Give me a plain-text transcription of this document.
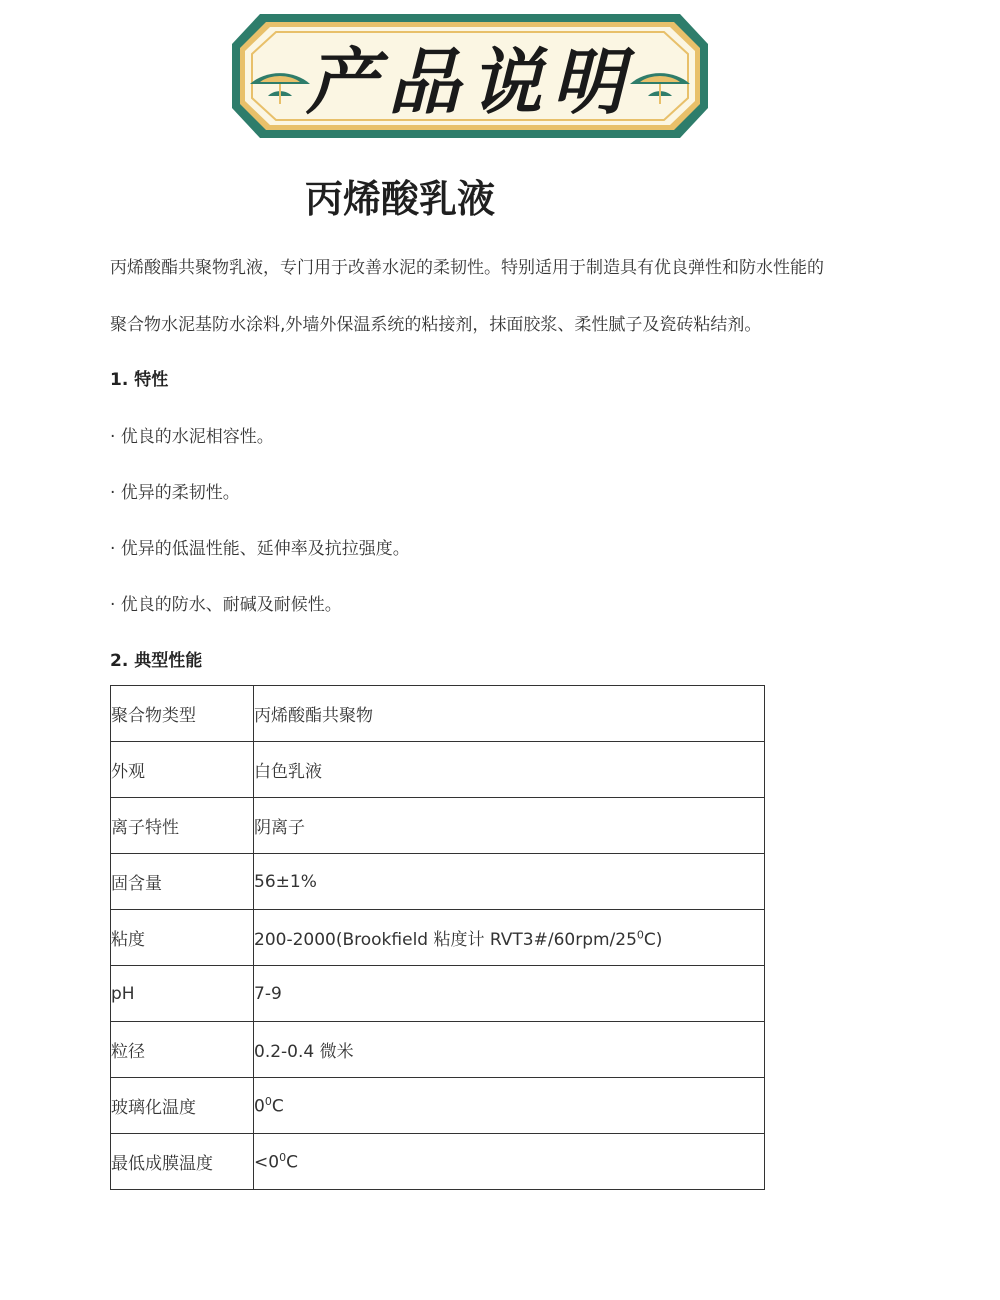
产品说明
丙烯酸乳液

丙烯酸酯共聚物乳液，专门用于改善水泥的柔韧性。特别适用于制造具有优良弹性和防水性能的

聚合物水泥基防水涂料,外墙外保温系统的粘接剂，抹面胶浆、柔性腻子及瓷砖粘结剂。

1. 特性
· 优良的水泥相容性。
· 优异的柔韧性。
· 优异的低温性能、延伸率及抗拉强度。
· 优良的防水、耐碱及耐候性。
2. 典型性能
聚合物类型	丙烯酸酯共聚物
外观	白色乳液
离子特性	阴离子
固含量	56±1%
粘度	200-2000(Brookfield 粘度计 $RVT3\#/60rpm/25^0C$)
pH	7-9
粒径	0.2-0.4 微米
玻璃化温度	$0^0C$
最低成膜温度	$<0^0C$
